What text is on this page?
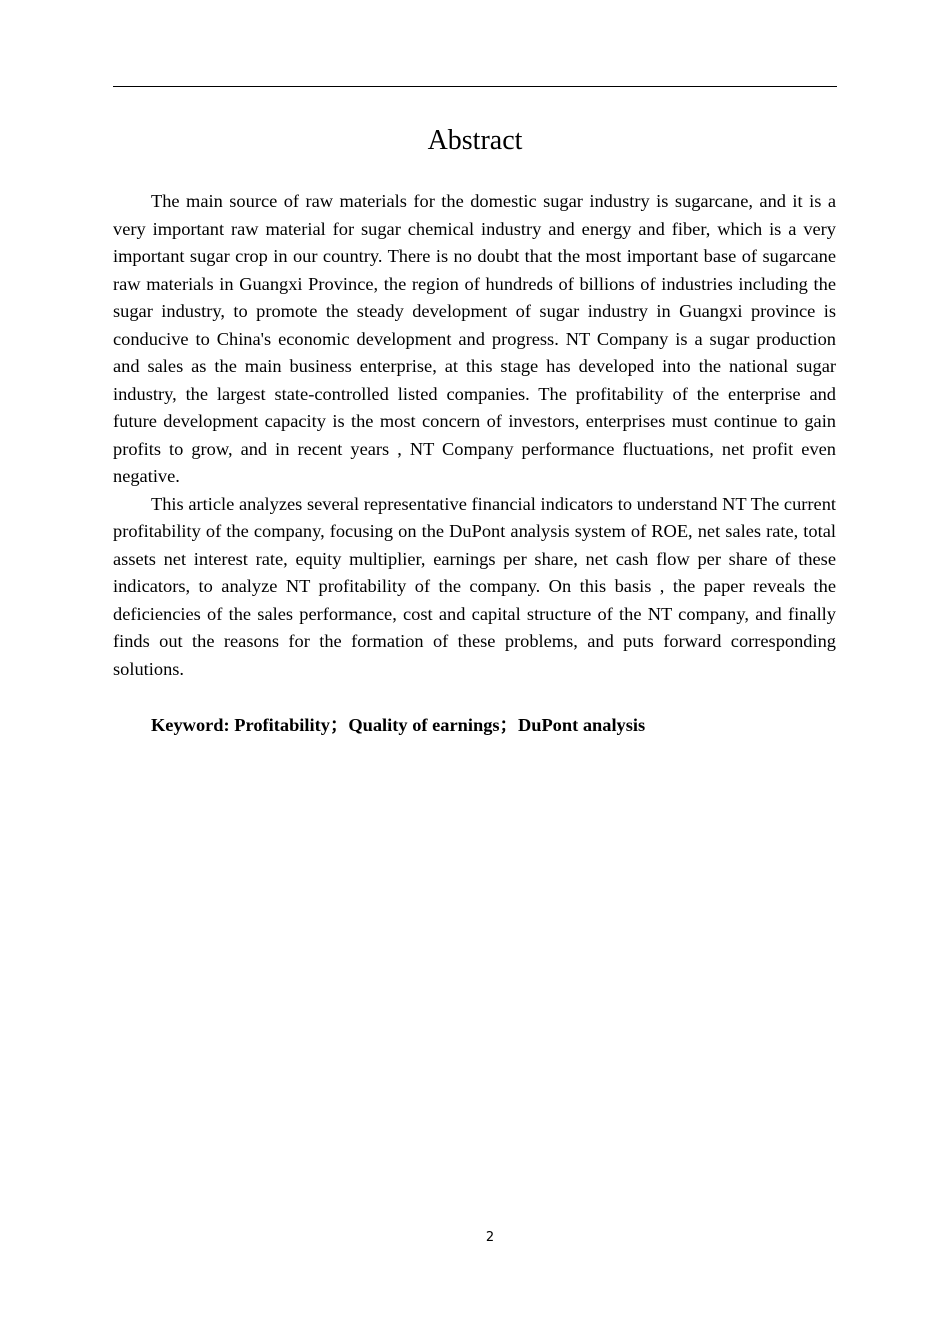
Abstract

The main source of raw materials for the domestic sugar industry is sugarcane, and it is a very important raw material for sugar chemical industry and energy and fiber, which is a very important sugar crop in our country. There is no doubt that the most important base of sugarcane raw materials in Guangxi Province, the region of hundreds of billions of industries including the sugar industry, to promote the steady development of sugar industry in Guangxi province is conducive to China's economic development and progress. NT Company is a sugar production and sales as the main business enterprise, at this stage has developed into the national sugar industry, the largest state-controlled listed companies. The profitability of the enterprise and future development capacity is the most concern of investors, enterprises must continue to gain profits to grow, and in recent years , NT Company performance fluctuations, net profit even negative.

This article analyzes several representative financial indicators to understand NT The current profitability of the company, focusing on the DuPont analysis system of ROE, net sales rate, total assets net interest rate, equity multiplier, earnings per share, net cash flow per share of these indicators, to analyze NT profitability of the company. On this basis , the paper reveals the deficiencies of the sales performance, cost and capital structure of the NT company, and finally finds out the reasons for the formation of these problems, and puts forward corresponding solutions.

Keyword: Profitability；Quality of earnings；DuPont analysis

2
